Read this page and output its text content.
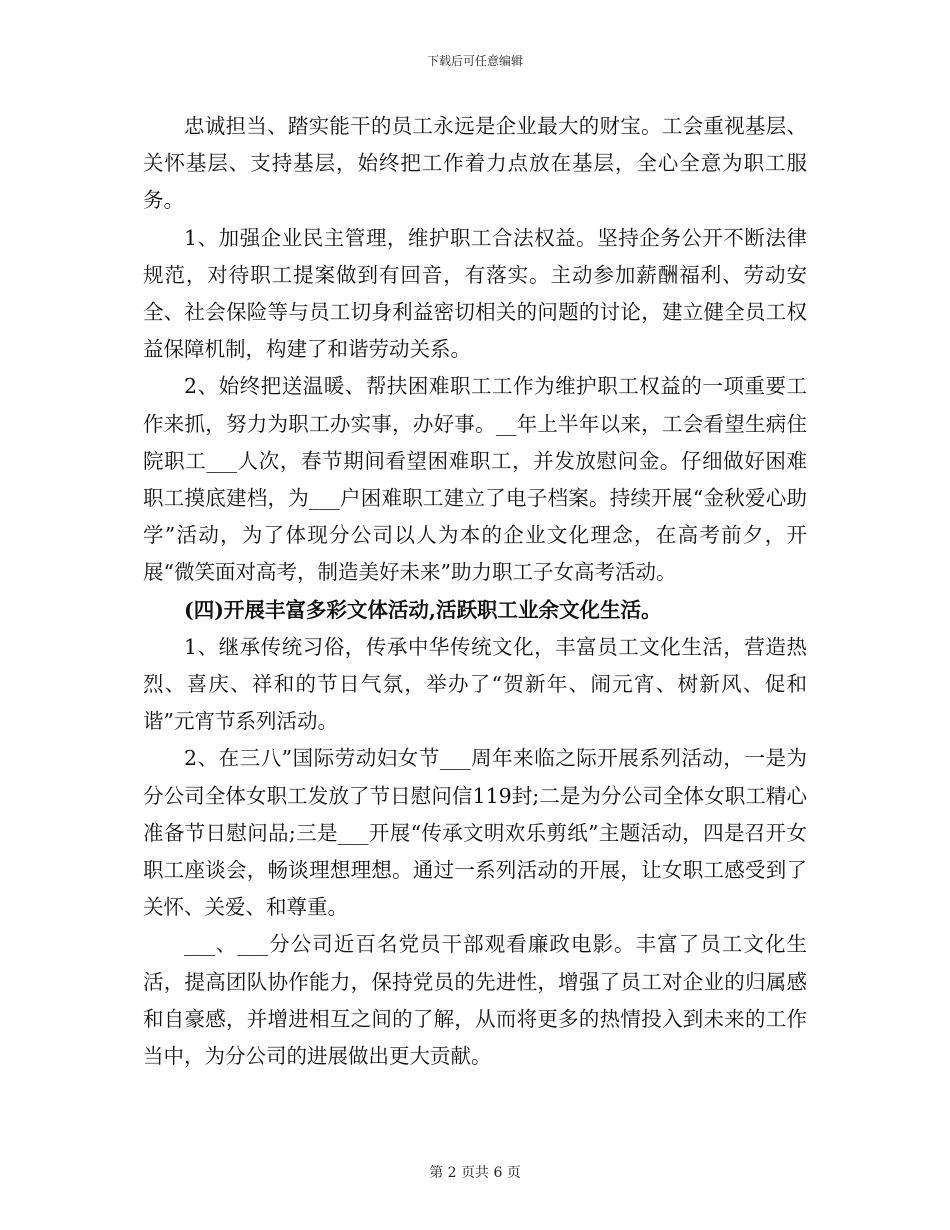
下载后可任意编辑

忠诚担当、踏实能干的员工永远是企业最大的财宝。工会重视基层、关怀基层、支持基层，始终把工作着力点放在基层，全心全意为职工服务。

1、加强企业民主管理，维护职工合法权益。坚持企务公开不断法律规范，对待职工提案做到有回音，有落实。主动参加薪酬福利、劳动安全、社会保险等与员工切身利益密切相关的问题的讨论，建立健全员工权益保障机制，构建了和谐劳动关系。

2、始终把送温暖、帮扶困难职工工作为维护职工权益的一项重要工作来抓，努力为职工办实事，办好事。__年上半年以来，工会看望生病住院职工___人次，春节期间看望困难职工，并发放慰问金。仔细做好困难职工摸底建档，为___户困难职工建立了电子档案。持续开展“金秋爱心助学”活动，为了体现分公司以人为本的企业文化理念，在高考前夕，开展“微笑面对高考，制造美好未来”助力职工子女高考活动。

(四)开展丰富多彩文体活动,活跃职工业余文化生活。

1、继承传统习俗，传承中华传统文化，丰富员工文化生活，营造热烈、喜庆、祥和的节日气氛，举办了“贺新年、闹元宵、树新风、促和谐”元宵节系列活动。

2、在三八”国际劳动妇女节___周年来临之际开展系列活动，一是为分公司全体女职工发放了节日慰问信119封;二是为分公司全体女职工精心准备节日慰问品;三是___开展“传承文明欢乐剪纸”主题活动，四是召开女职工座谈会，畅谈理想理想。通过一系列活动的开展，让女职工感受到了关怀、关爱、和尊重。

___、___分公司近百名党员干部观看廉政电影。丰富了员工文化生活，提高团队协作能力，保持党员的先进性，增强了员工对企业的归属感和自豪感，并增进相互之间的了解，从而将更多的热情投入到未来的工作当中，为分公司的进展做出更大贡献。

第 2 页共 6 页
